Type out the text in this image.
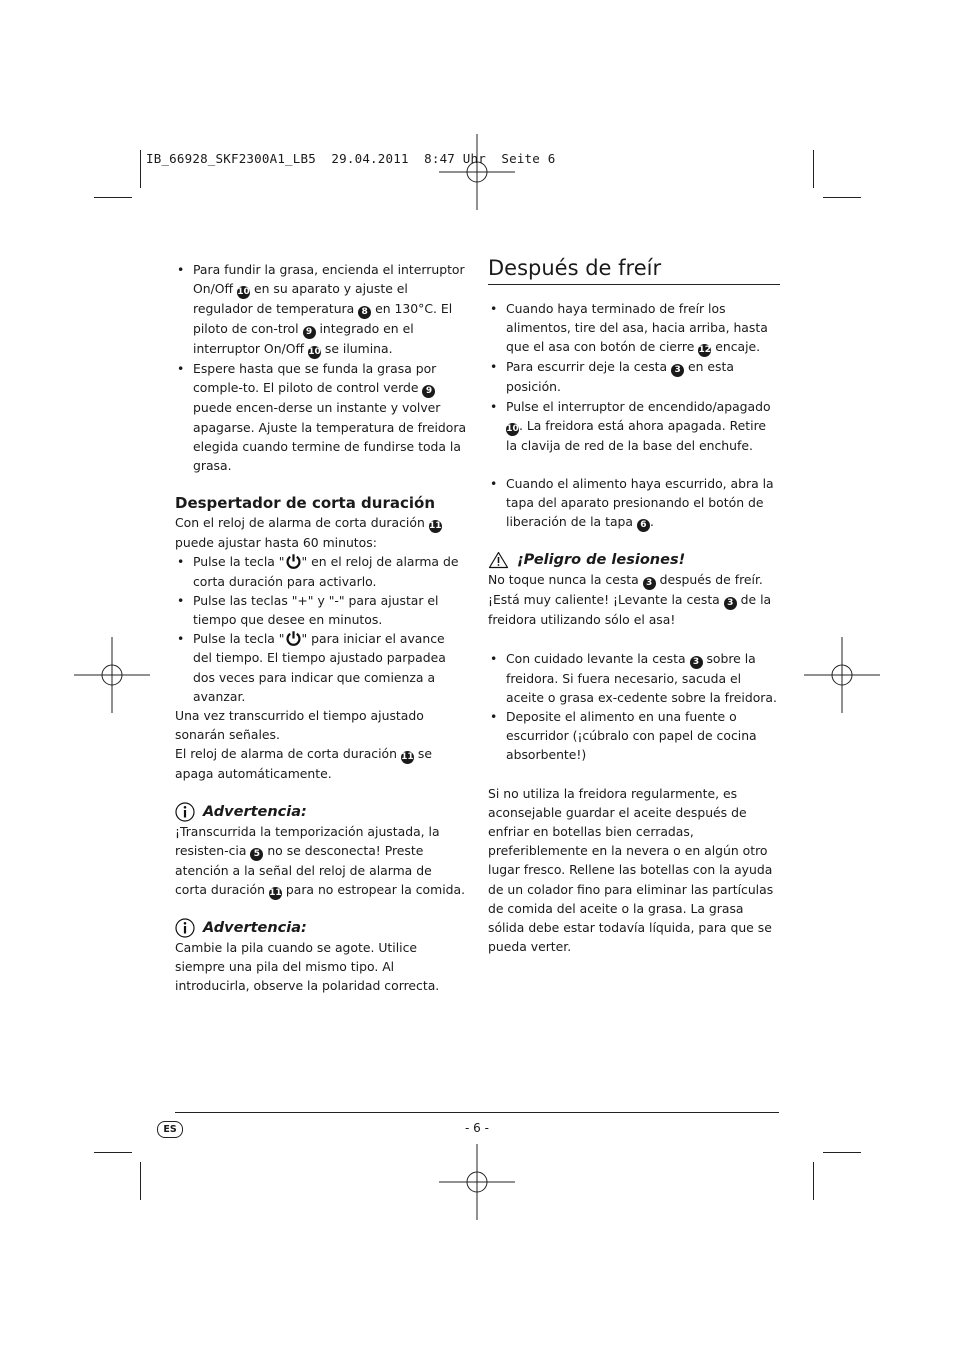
IB_66928_SKF2300A1_LB5  29.04.2011  8:47 Uhr  Seite 6

• Para fundir la grasa, encienda el interruptor On/Off 10 en su aparato y ajuste el regulador de temperatura 8 en 130°C. El piloto de con-trol 9 integrado en el interruptor On/Off 10 se ilumina.

• Espere hasta que se funda la grasa por comple-to. El piloto de control verde 9 puede encen-derse un instante y volver apagarse. Ajuste la temperatura de freidora elegida cuando termine de fundirse toda la grasa.

Despertador de corta duración

Con el reloj de alarma de corta duración 11 puede ajustar hasta 60 minutos:

• Pulse la tecla " " en el reloj de alarma de corta duración para activarlo.

• Pulse las teclas "+" y "-" para ajustar el tiempo que desee en minutos.

• Pulse la tecla " " para iniciar el avance del tiempo. El tiempo ajustado parpadea dos veces para indicar que comienza a avanzar.

Una vez transcurrido el tiempo ajustado sonarán señales.

El reloj de alarma de corta duración 11 se apaga automáticamente.

Advertencia:

¡Transcurrida la temporización ajustada, la resisten-cia 5 no se desconecta! Preste atención a la señal del reloj de alarma de corta duración 11 para no estropear la comida.

Advertencia:

Cambie la pila cuando se agote. Utilice siempre una pila del mismo tipo. Al introducirla, observe la polaridad correcta.

Después de freír

• Cuando haya terminado de freír los alimentos, tire del asa, hacia arriba, hasta que el asa con botón de cierre 12 encaje.

• Para escurrir deje la cesta 3 en esta posición.

• Pulse el interruptor de encendido/apagado 10. La freidora está ahora apagada. Retire la clavija de red de la base del enchufe.

• Cuando el alimento haya escurrido, abra la tapa del aparato presionando el botón de liberación de la tapa 6 .

¡Peligro de lesiones!

No toque nunca la cesta 3 después de freír. ¡Está muy caliente! ¡Levante la cesta 3 de la freidora utilizando sólo el asa!

• Con cuidado levante la cesta 3 sobre la freidora. Si fuera necesario, sacuda el aceite o grasa ex-cedente sobre la freidora.

• Deposite el alimento en una fuente o escurridor (¡cúbralo con papel de cocina absorbente!)

Si no utiliza la freidora regularmente, es aconsejable guardar el aceite después de enfriar en botellas bien cerradas, preferiblemente en la nevera o en algún otro lugar fresco. Rellene las botellas con la ayuda de un colador fino para eliminar las partículas de comida del aceite o la grasa. La grasa sólida debe estar todavía líquida, para que se pueda verter.

ES	- 6 -
